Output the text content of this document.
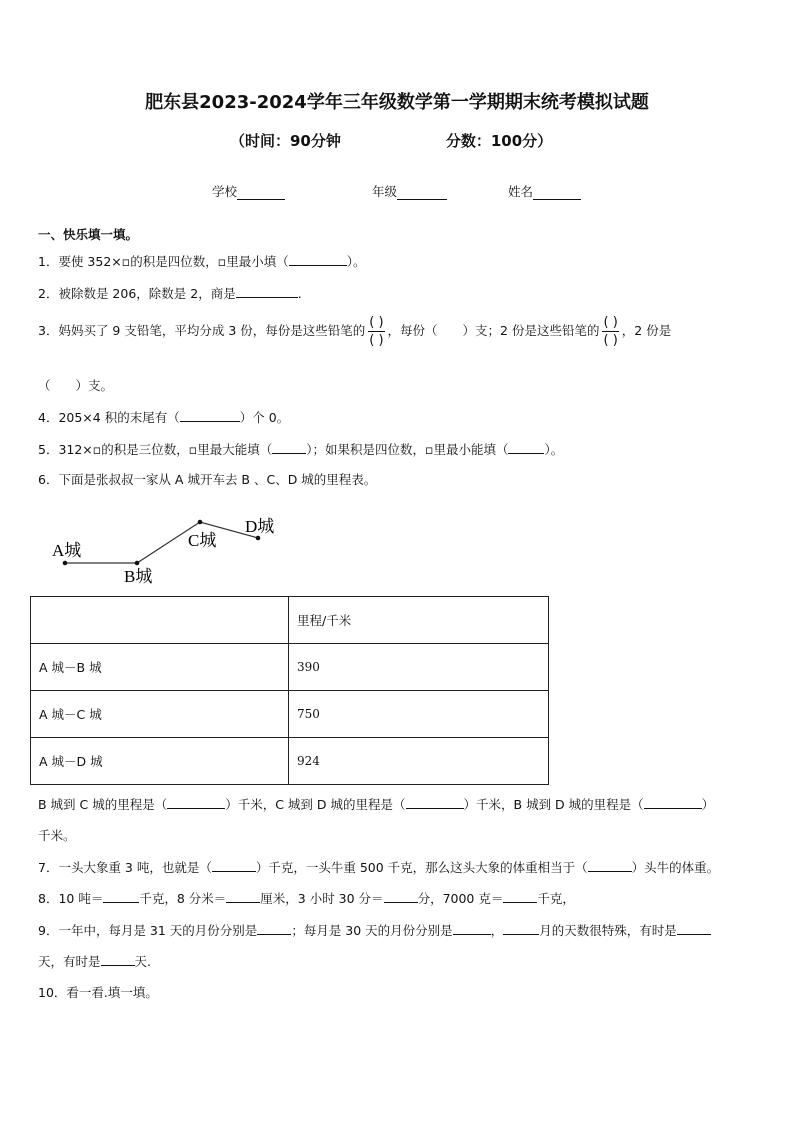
肥东县2023-2024学年三年级数学第一学期期末统考模拟试题
（时间：90分钟	分数：100分）
学校	年级	姓名
一、快乐填一填。
1．要使 352×▫的积是四位数，▫里最小填（	）。
2．被除数是 206，除数是 2，商是	.
3．妈妈买了 9 支铅笔，平均分成 3 份，每份是这些铅笔的 $\frac{( )}{( )}$ ，每份（　　）支；2 份是这些铅笔的 $\frac{( )}{( )}$ ，2 份是
（　　）支。
4．205×4 积的末尾有（	）个 0。
5．312×▫的积是三位数，▫里最大能填（	）；如果积是四位数，▫里最小能填（	）。
6．下面是张叔叔一家从 A 城开车去 B 、C、D 城的里程表。
A城
B城
C城
D城
	里程/千米
A 城－B 城	390
A 城－C 城	750
A 城－D 城	924
B 城到 C 城的里程是（	）千米，C 城到 D 城的里程是（	）千米，B 城到 D 城的里程是（	）
千米。
7．一头大象重 3 吨，也就是（	）千克，一头牛重 500 千克，那么这头大象的体重相当于（	）头牛的体重。
8．10 吨＝	千克，8 分米＝	厘米，3 小时 30 分＝	分，7000 克＝	千克，
9．一年中，每月是 31 天的月份分别是	；每月是 30 天的月份分别是	，	月的天数很特殊，有时是
天，有时是	天.
10．看一看.填一填。
